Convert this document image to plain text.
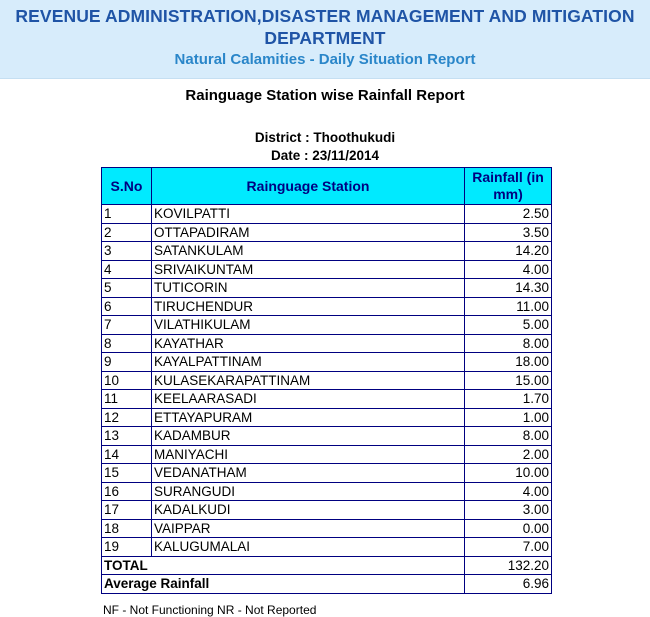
REVENUE ADMINISTRATION,DISASTER MANAGEMENT AND MITIGATION
DEPARTMENT
Natural Calamities - Daily Situation Report
Rainguage Station wise Rainfall Report
District : Thoothukudi
Date : 23/11/2014
S.No	Rainguage Station	Rainfall (in mm)
1	KOVILPATTI	2.50
2	OTTAPADIRAM	3.50
3	SATANKULAM	14.20
4	SRIVAIKUNTAM	4.00
5	TUTICORIN	14.30
6	TIRUCHENDUR	11.00
7	VILATHIKULAM	5.00
8	KAYATHAR	8.00
9	KAYALPATTINAM	18.00
10	KULASEKARAPATTINAM	15.00
11	KEELAARASADI	1.70
12	ETTAYAPURAM	1.00
13	KADAMBUR	8.00
14	MANIYACHI	2.00
15	VEDANATHAM	10.00
16	SURANGUDI	4.00
17	KADALKUDI	3.00
18	VAIPPAR	0.00
19	KALUGUMALAI	7.00
TOTAL		132.20
Average Rainfall		6.96
NF - Not Functioning NR - Not Reported
